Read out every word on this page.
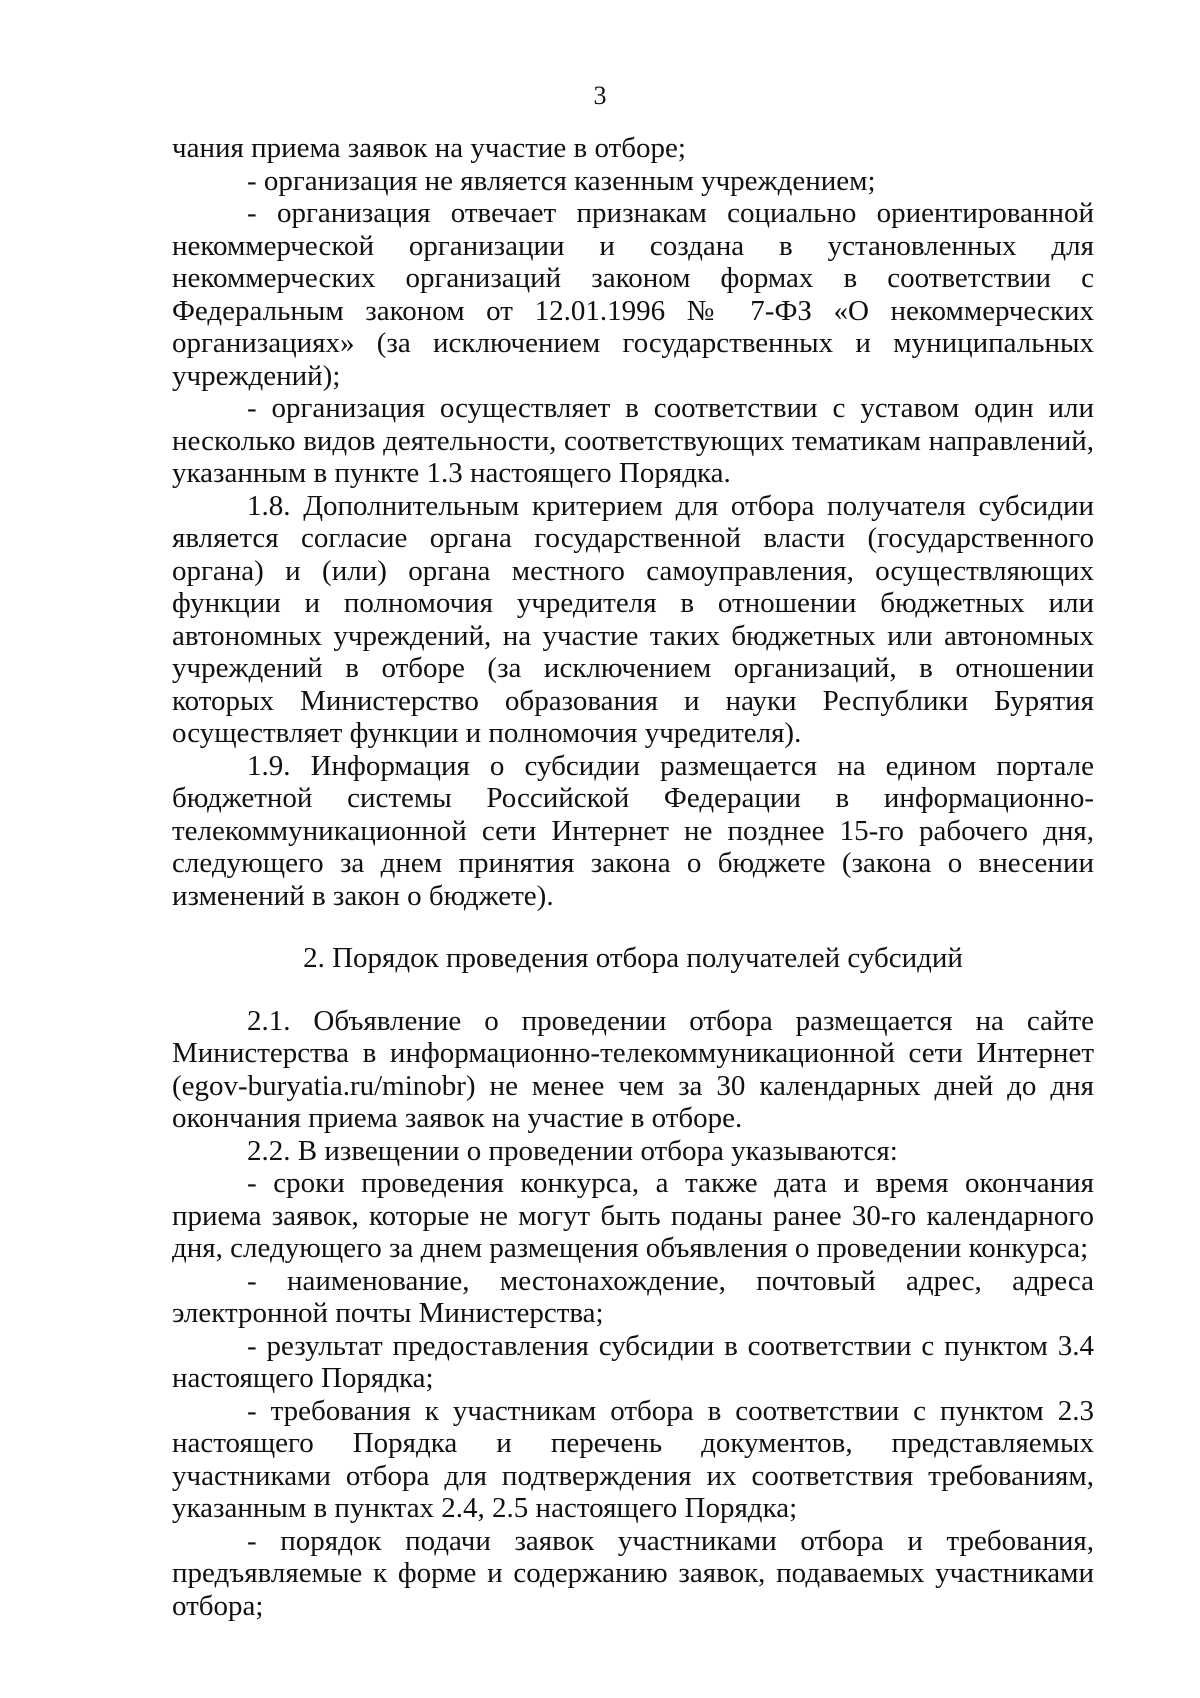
3

чания приема заявок на участие в отборе;

- организация не является казенным учреждением;

- организация отвечает признакам социально ориентированной некоммерческой организации и создана в установленных для некоммерческих организаций законом формах в соответствии с Федеральным законом от 12.01.1996 № 7-ФЗ «О некоммерческих организациях» (за исключением государственных и муниципальных учреждений);

- организация осуществляет в соответствии с уставом один или несколько видов деятельности, соответствующих тематикам направлений, указанным в пункте 1.3 настоящего Порядка.

1.8. Дополнительным критерием для отбора получателя субсидии является согласие органа государственной власти (государственного органа) и (или) органа местного самоуправления, осуществляющих функции и полномочия учредителя в отношении бюджетных или автономных учреждений, на участие таких бюджетных или автономных учреждений в отборе (за исключением организаций, в отношении которых Министерство образования и науки Республики Бурятия осуществляет функции и полномочия учредителя).

1.9. Информация о субсидии размещается на едином портале бюджетной системы Российской Федерации в информационно-телекоммуникационной сети Интернет не позднее 15-го рабочего дня, следующего за днем принятия закона о бюджете (закона о внесении изменений в закон о бюджете).

2. Порядок проведения отбора получателей субсидий

2.1. Объявление о проведении отбора размещается на сайте Министерства в информационно-телекоммуникационной сети Интернет (egov-buryatia.ru/minobr) не менее чем за 30 календарных дней до дня окончания приема заявок на участие в отборе.

2.2. В извещении о проведении отбора указываются:

- сроки проведения конкурса, а также дата и время окончания приема заявок, которые не могут быть поданы ранее 30-го календарного дня, следующего за днем размещения объявления о проведении конкурса;

- наименование, местонахождение, почтовый адрес, адреса электронной почты Министерства;

- результат предоставления субсидии в соответствии с пунктом 3.4 настоящего Порядка;

- требования к участникам отбора в соответствии с пунктом 2.3 настоящего Порядка и перечень документов, представляемых участниками отбора для подтверждения их соответствия требованиям, указанным в пунктах 2.4, 2.5 настоящего Порядка;

- порядок подачи заявок участниками отбора и требования, предъявляемые к форме и содержанию заявок, подаваемых участниками отбора;
